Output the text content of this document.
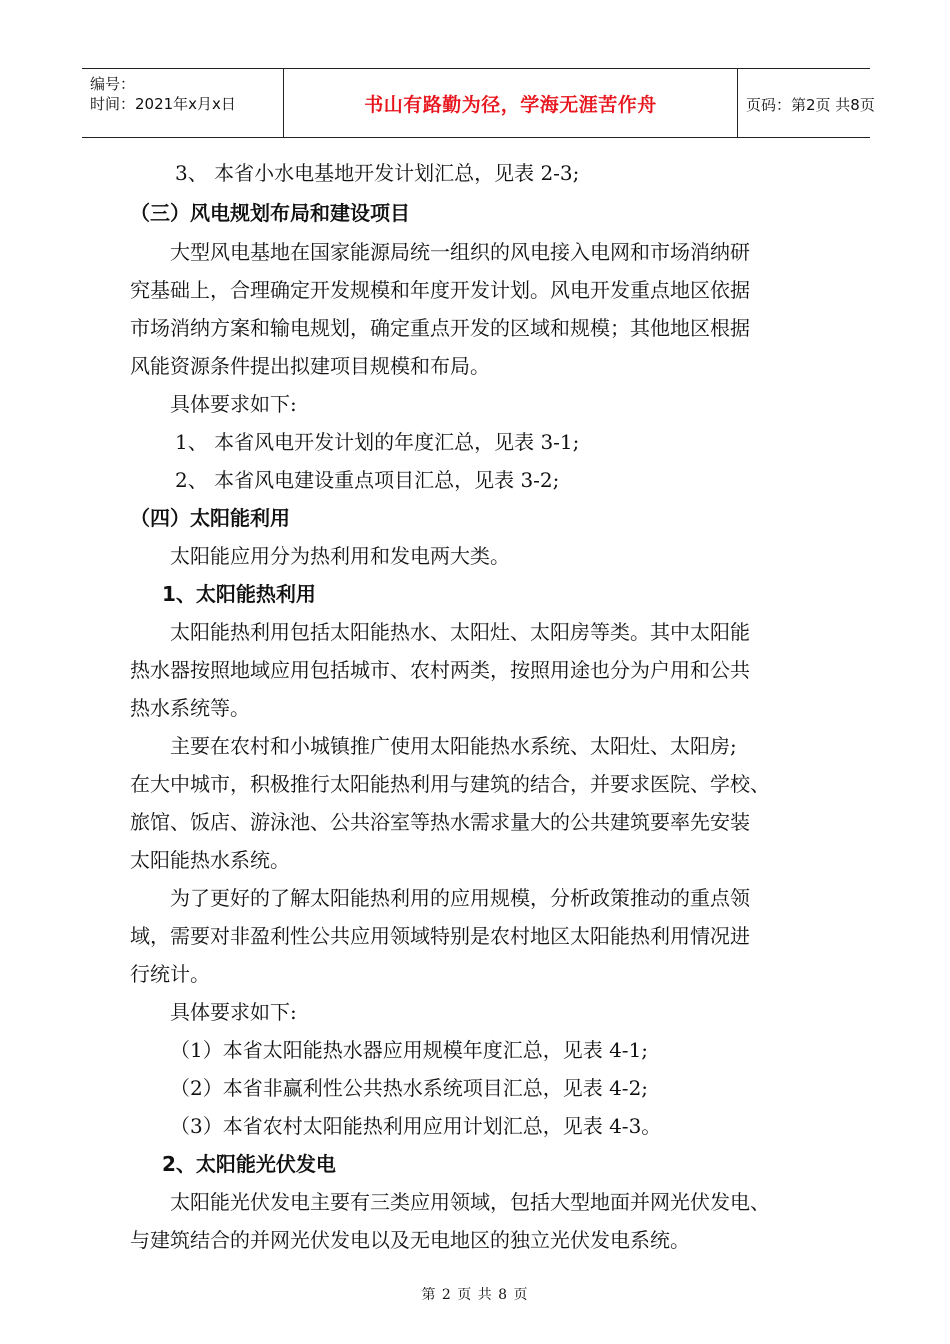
编号：
时间：2021年x月x日	书山有路勤为径，学海无涯苦作舟	页码：第2页 共8页
3、 本省小水电基地开发计划汇总，见表 2-3;
（三）风电规划布局和建设项目
大型风电基地在国家能源局统一组织的风电接入电网和市场消纳研
究基础上，合理确定开发规模和年度开发计划。风电开发重点地区依据
市场消纳方案和输电规划，确定重点开发的区域和规模；其他地区根据
风能资源条件提出拟建项目规模和布局。
具体要求如下:
1、 本省风电开发计划的年度汇总，见表 3-1;
2、 本省风电建设重点项目汇总，见表 3-2;
（四）太阳能利用
太阳能应用分为热利用和发电两大类。
1、太阳能热利用
太阳能热利用包括太阳能热水、太阳灶、太阳房等类。其中太阳能
热水器按照地域应用包括城市、农村两类，按照用途也分为户用和公共
热水系统等。
主要在农村和小城镇推广使用太阳能热水系统、太阳灶、太阳房;
在大中城市，积极推行太阳能热利用与建筑的结合，并要求医院、学校、
旅馆、饭店、游泳池、公共浴室等热水需求量大的公共建筑要率先安装
太阳能热水系统。
为了更好的了解太阳能热利用的应用规模，分析政策推动的重点领
域，需要对非盈利性公共应用领域特别是农村地区太阳能热利用情况进
行统计。
具体要求如下:
（1）本省太阳能热水器应用规模年度汇总，见表 4-1;
（2）本省非赢利性公共热水系统项目汇总，见表 4-2;
（3）本省农村太阳能热利用应用计划汇总，见表 4-3。
2、太阳能光伏发电
太阳能光伏发电主要有三类应用领域，包括大型地面并网光伏发电、
与建筑结合的并网光伏发电以及无电地区的独立光伏发电系统。
第 2 页 共 8 页
